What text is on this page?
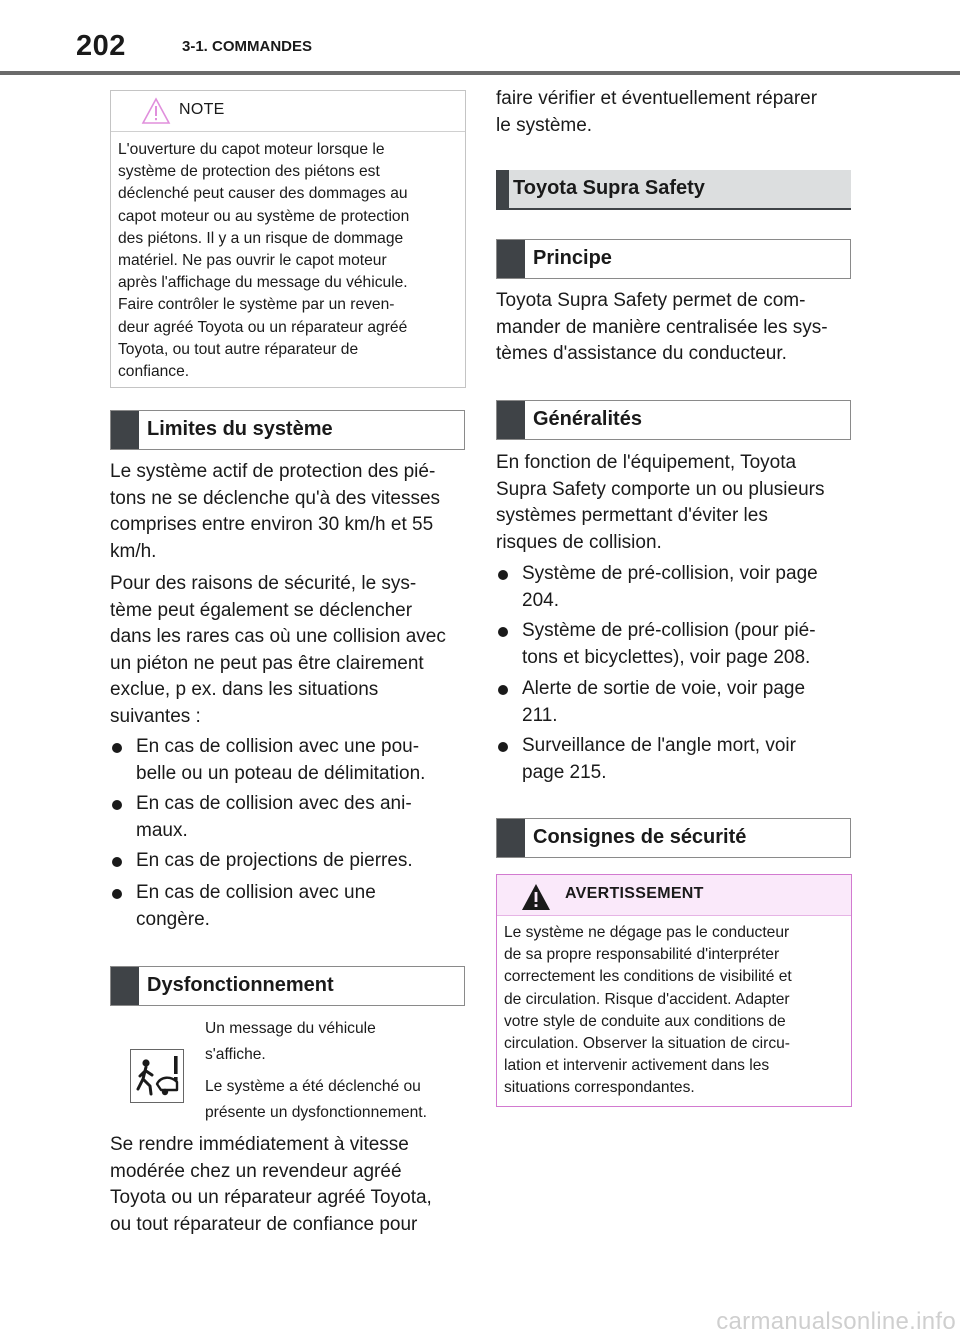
202	3-1. COMMANDES
NOTE
L'ouverture du capot moteur lorsque le
système de protection des piétons est
déclenché peut causer des dommages au
capot moteur ou au système de protection
des piétons. Il y a un risque de dommage
matériel. Ne pas ouvrir le capot moteur
après l'affichage du message du véhicule.
Faire contrôler le système par un reven-
deur agréé Toyota ou un réparateur agréé
Toyota, ou tout autre réparateur de
confiance.
Limites du système
Le système actif de protection des pié-
tons ne se déclenche qu'à des vitesses
comprises entre environ 30 km/h et 55
km/h.
Pour des raisons de sécurité, le sys-
tème peut également se déclencher
dans les rares cas où une collision avec
un piéton ne peut pas être clairement
exclue, p ex. dans les situations
suivantes :
En cas de collision avec une pou-
belle ou un poteau de délimitation.
En cas de collision avec des ani-
maux.
En cas de projections de pierres.
En cas de collision avec une
congère.
Dysfonctionnement
Un message du véhicule
s'affiche.
Le système a été déclenché ou
présente un dysfonctionnement.
Se rendre immédiatement à vitesse
modérée chez un revendeur agréé
Toyota ou un réparateur agréé Toyota,
ou tout réparateur de confiance pour
faire vérifier et éventuellement réparer
le système.
Toyota Supra Safety
Principe
Toyota Supra Safety permet de com-
mander de manière centralisée les sys-
tèmes d'assistance du conducteur.
Généralités
En fonction de l'équipement, Toyota
Supra Safety comporte un ou plusieurs
systèmes permettant d'éviter les
risques de collision.
Système de pré-collision, voir page
204.
Système de pré-collision (pour pié-
tons et bicyclettes), voir page 208.
Alerte de sortie de voie, voir page
211.
Surveillance de l'angle mort, voir
page 215.
Consignes de sécurité
AVERTISSEMENT
Le système ne dégage pas le conducteur
de sa propre responsabilité d'interpréter
correctement les conditions de visibilité et
de circulation. Risque d'accident. Adapter
votre style de conduite aux conditions de
circulation. Observer la situation de circu-
lation et intervenir activement dans les
situations correspondantes.
carmanualsonline.info
